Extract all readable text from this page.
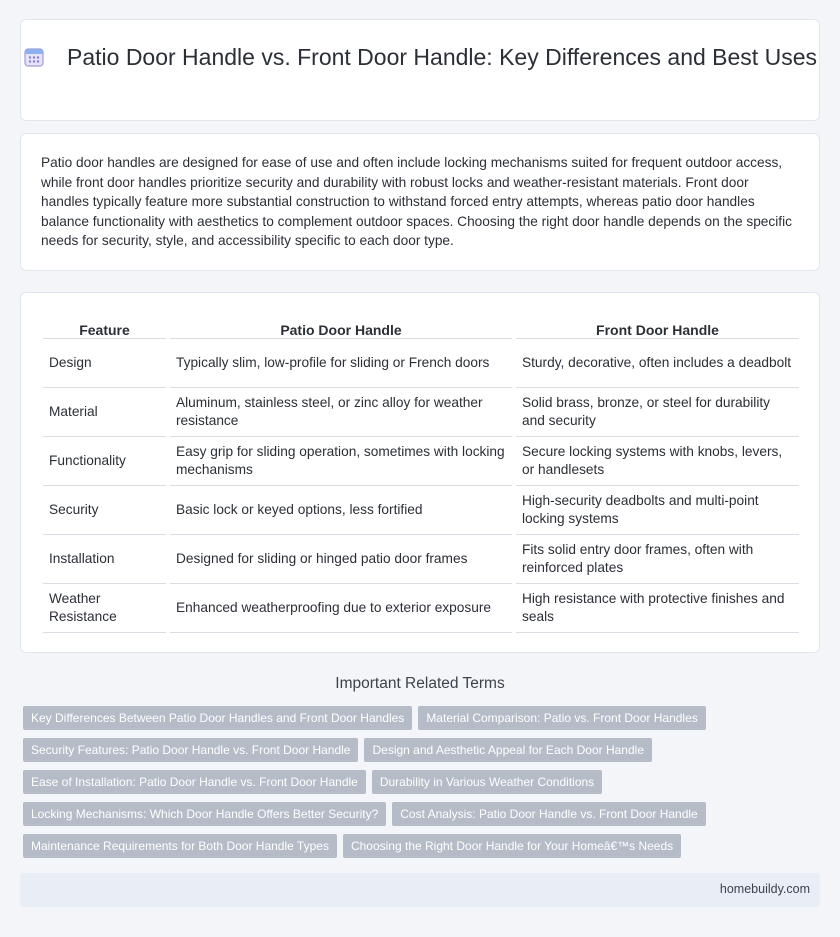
Patio Door Handle vs. Front Door Handle: Key Differences and Best Uses

Patio door handles are designed for ease of use and often include locking mechanisms suited for frequent outdoor access, while front door handles prioritize security and durability with robust locks and weather-resistant materials. Front door handles typically feature more substantial construction to withstand forced entry attempts, whereas patio door handles balance functionality with aesthetics to complement outdoor spaces. Choosing the right door handle depends on the specific needs for security, style, and accessibility specific to each door type.

Feature	Patio Door Handle	Front Door Handle
Design	Typically slim, low-profile for sliding or French doors	Sturdy, decorative, often includes a deadbolt
Material	Aluminum, stainless steel, or zinc alloy for weather resistance	Solid brass, bronze, or steel for durability and security
Functionality	Easy grip for sliding operation, sometimes with locking mechanisms	Secure locking systems with knobs, levers, or handlesets
Security	Basic lock or keyed options, less fortified	High-security deadbolts and multi-point locking systems
Installation	Designed for sliding or hinged patio door frames	Fits solid entry door frames, often with reinforced plates
Weather Resistance	Enhanced weatherproofing due to exterior exposure	High resistance with protective finishes and seals
Important Related Terms
Key Differences Between Patio Door Handles and Front Door Handles Material Comparison: Patio vs. Front Door Handles
Security Features: Patio Door Handle vs. Front Door Handle Design and Aesthetic Appeal for Each Door Handle
Ease of Installation: Patio Door Handle vs. Front Door Handle Durability in Various Weather Conditions
Locking Mechanisms: Which Door Handle Offers Better Security? Cost Analysis: Patio Door Handle vs. Front Door Handle
Maintenance Requirements for Both Door Handle Types Choosing the Right Door Handle for Your Homeâ€™s Needs
homebuildy.com
